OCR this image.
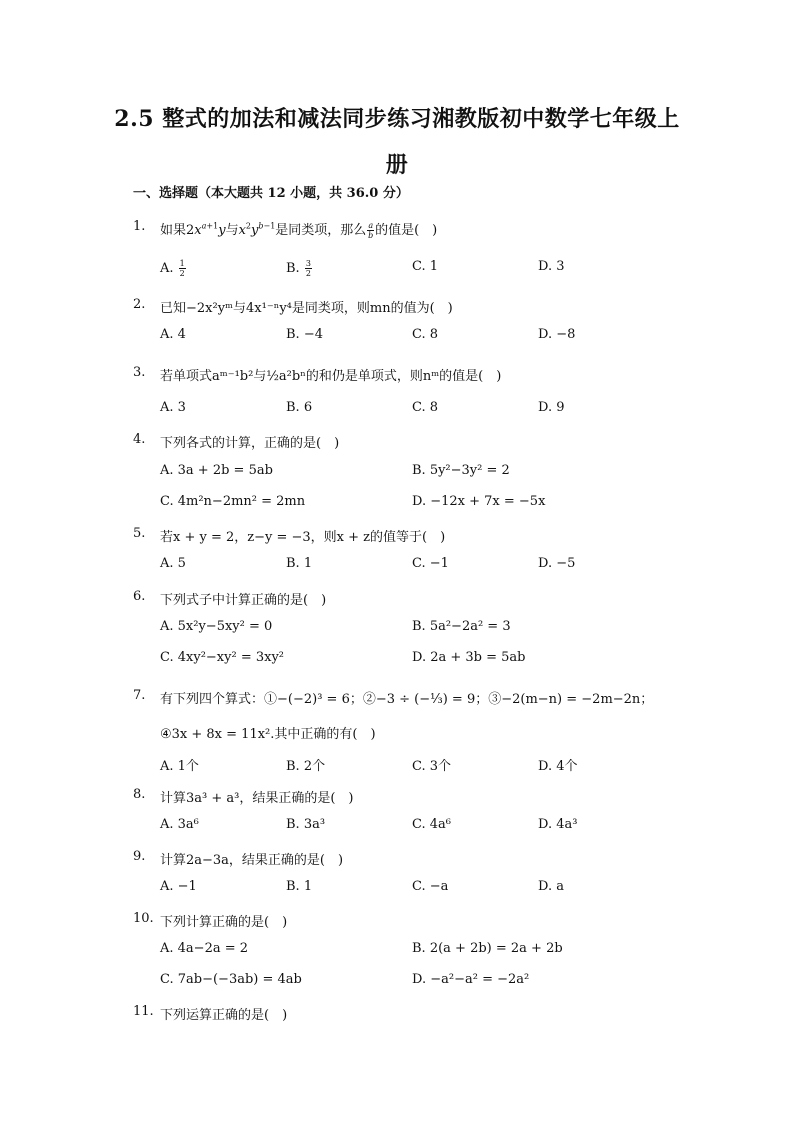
2.5 整式的加法和减法同步练习湘教版初中数学七年级上册
一、选择题（本大题共 12 小题，共 36.0 分）
1.	如果$2x^{a+1}y$与$x^2y^{b-1}$是同类项，那么 $\frac{a}{b}$ 的值是(　)
A. $\frac{1}{2}$	B. $\frac{3}{2}$	C. 1	D. 3
2.	已知−2x²yᵐ与4x¹⁻ⁿy⁴是同类项，则mn的值为(　)
A. 4	B. −4	C. 8	D. −8
3.	若单项式aᵐ⁻¹b²与½a²bⁿ的和仍是单项式，则nᵐ的值是(　)
A. 3	B. 6	C. 8	D. 9
4.	下列各式的计算，正确的是(　)
A. 3a + 2b = 5ab	B. 5y²−3y² = 2
C. 4m²n−2mn² = 2mn	D. −12x + 7x = −5x
5.	若x + y = 2，z−y = −3，则x + z的值等于(　)
A. 5	B. 1	C. −1	D. −5
6.	下列式子中计算正确的是(　)
A. 5x²y−5xy² = 0	B. 5a²−2a² = 3
C. 4xy²−xy² = 3xy²	D. 2a + 3b = 5ab
7.	有下列四个算式：①−(−2)³ = 6；②−3 ÷ (−⅓) = 9；③−2(m−n) = −2m−2n；
④3x + 8x = 11x².其中正确的有(　)
A. 1个	B. 2个	C. 3个	D. 4个
8.	计算3a³ + a³，结果正确的是(　)
A. 3a⁶	B. 3a³	C. 4a⁶	D. 4a³
9.	计算2a−3a，结果正确的是(　)
A. −1	B. 1	C. −a	D. a
10. 下列计算正确的是(　)
A. 4a−2a = 2	B. 2(a + 2b) = 2a + 2b
C. 7ab−(−3ab) = 4ab	D. −a²−a² = −2a²
11. 下列运算正确的是(　)
